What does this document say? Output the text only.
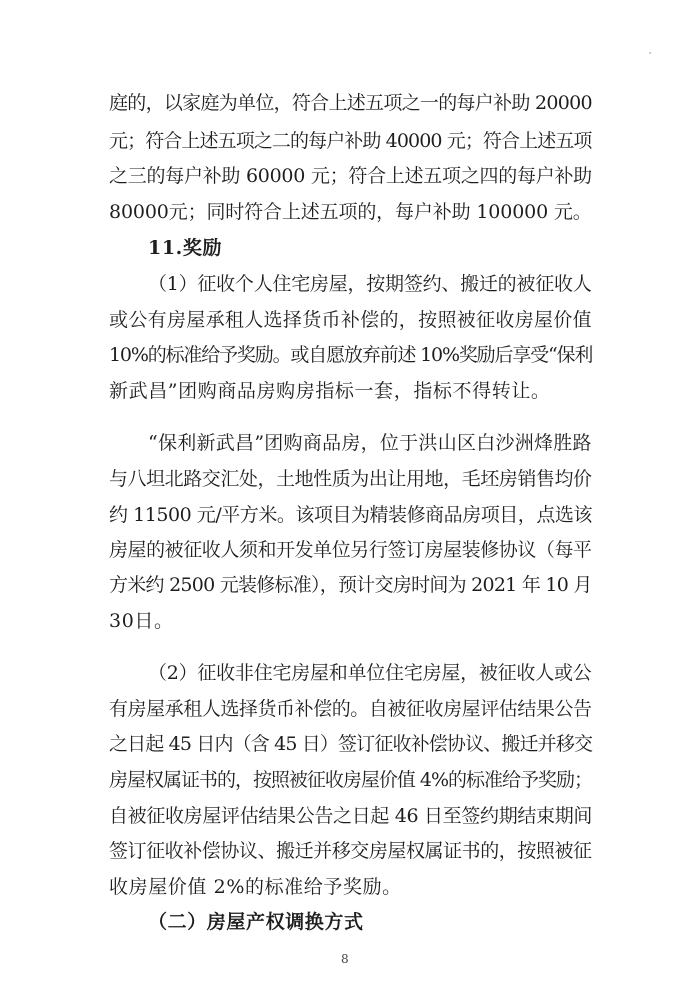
庭的，以家庭为单位，符合上述五项之一的每户补助 20000
元；符合上述五项之二的每户补助 40000 元；符合上述五项
之三的每户补助 60000 元；符合上述五项之四的每户补助
80000元；同时符合上述五项的，每户补助 100000 元。
11.奖励
（1）征收个人住宅房屋，按期签约、搬迁的被征收人
或公有房屋承租人选择货币补偿的，按照被征收房屋价值
10%的标准给予奖励。或自愿放弃前述 10%奖励后享受“保利
新武昌”团购商品房购房指标一套，指标不得转让。
“保利新武昌”团购商品房，位于洪山区白沙洲烽胜路
与八坦北路交汇处，土地性质为出让用地，毛坯房销售均价
约 11500 元/平方米。该项目为精装修商品房项目，点选该
房屋的被征收人须和开发单位另行签订房屋装修协议（每平
方米约 2500 元装修标准），预计交房时间为 2021 年 10 月
30日。
（2）征收非住宅房屋和单位住宅房屋，被征收人或公
有房屋承租人选择货币补偿的。自被征收房屋评估结果公告
之日起 45 日内（含 45 日）签订征收补偿协议、搬迁并移交
房屋权属证书的，按照被征收房屋价值 4%的标准给予奖励；
自被征收房屋评估结果公告之日起 46 日至签约期结束期间
签订征收补偿协议、搬迁并移交房屋权属证书的，按照被征
收房屋价值 2%的标准给予奖励。
（二）房屋产权调换方式
8
